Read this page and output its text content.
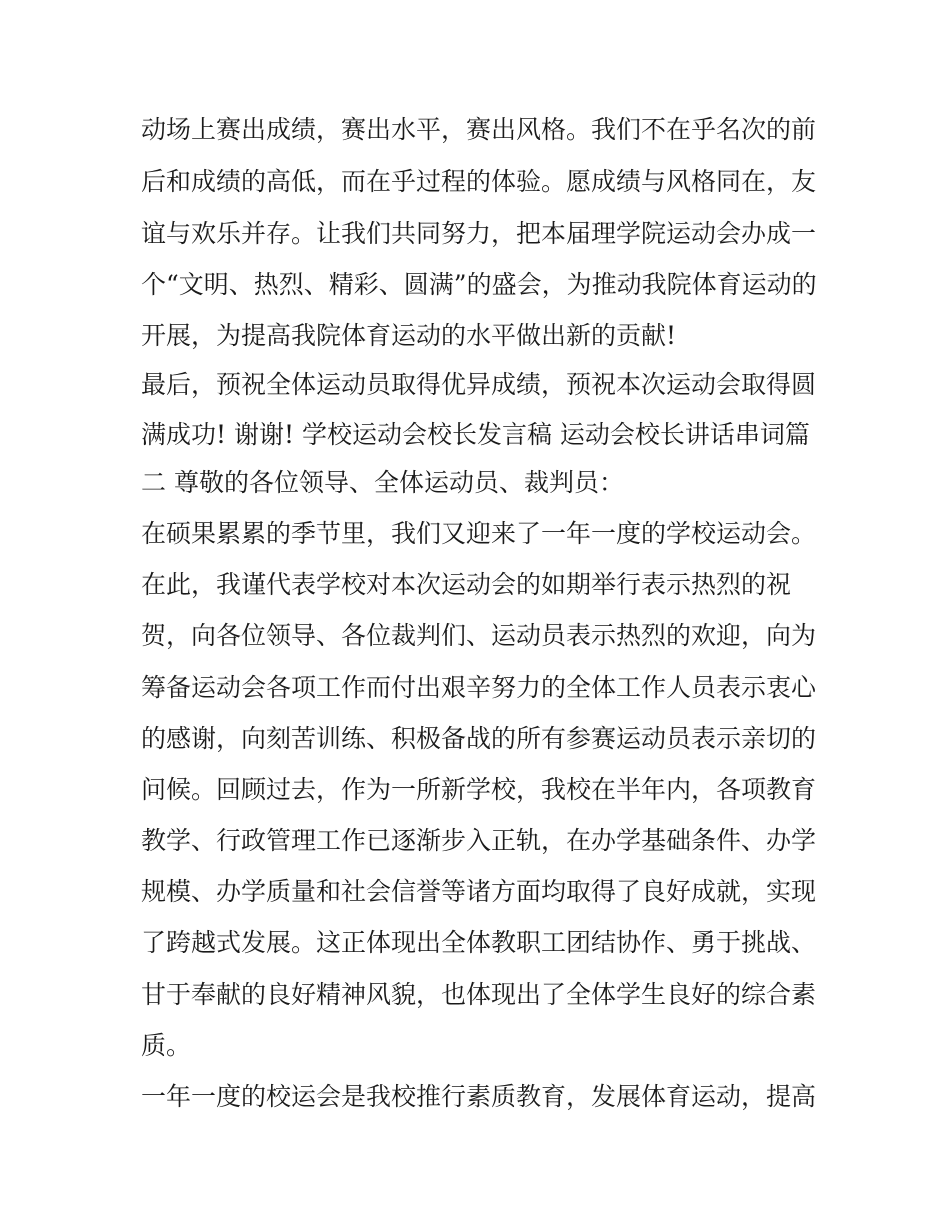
动场上赛出成绩，赛出水平，赛出风格。我们不在乎名次的前
后和成绩的高低，而在乎过程的体验。愿成绩与风格同在，友
谊与欢乐并存。让我们共同努力，把本届理学院运动会办成一
个“文明、热烈、精彩、圆满”的盛会，为推动我院体育运动的
开展，为提高我院体育运动的水平做出新的贡献!
最后，预祝全体运动员取得优异成绩，预祝本次运动会取得圆
满成功! 谢谢! 学校运动会校长发言稿 运动会校长讲话串词篇
二 尊敬的各位领导、全体运动员、裁判员：
在硕果累累的季节里，我们又迎来了一年一度的学校运动会。
在此，我谨代表学校对本次运动会的如期举行表示热烈的祝
贺，向各位领导、各位裁判们、运动员表示热烈的欢迎，向为
筹备运动会各项工作而付出艰辛努力的全体工作人员表示衷心
的感谢，向刻苦训练、积极备战的所有参赛运动员表示亲切的
问候。回顾过去，作为一所新学校，我校在半年内，各项教育
教学、行政管理工作已逐渐步入正轨，在办学基础条件、办学
规模、办学质量和社会信誉等诸方面均取得了良好成就，实现
了跨越式发展。这正体现出全体教职工团结协作、勇于挑战、
甘于奉献的良好精神风貌，也体现出了全体学生良好的综合素
质。
一年一度的校运会是我校推行素质教育，发展体育运动，提高
